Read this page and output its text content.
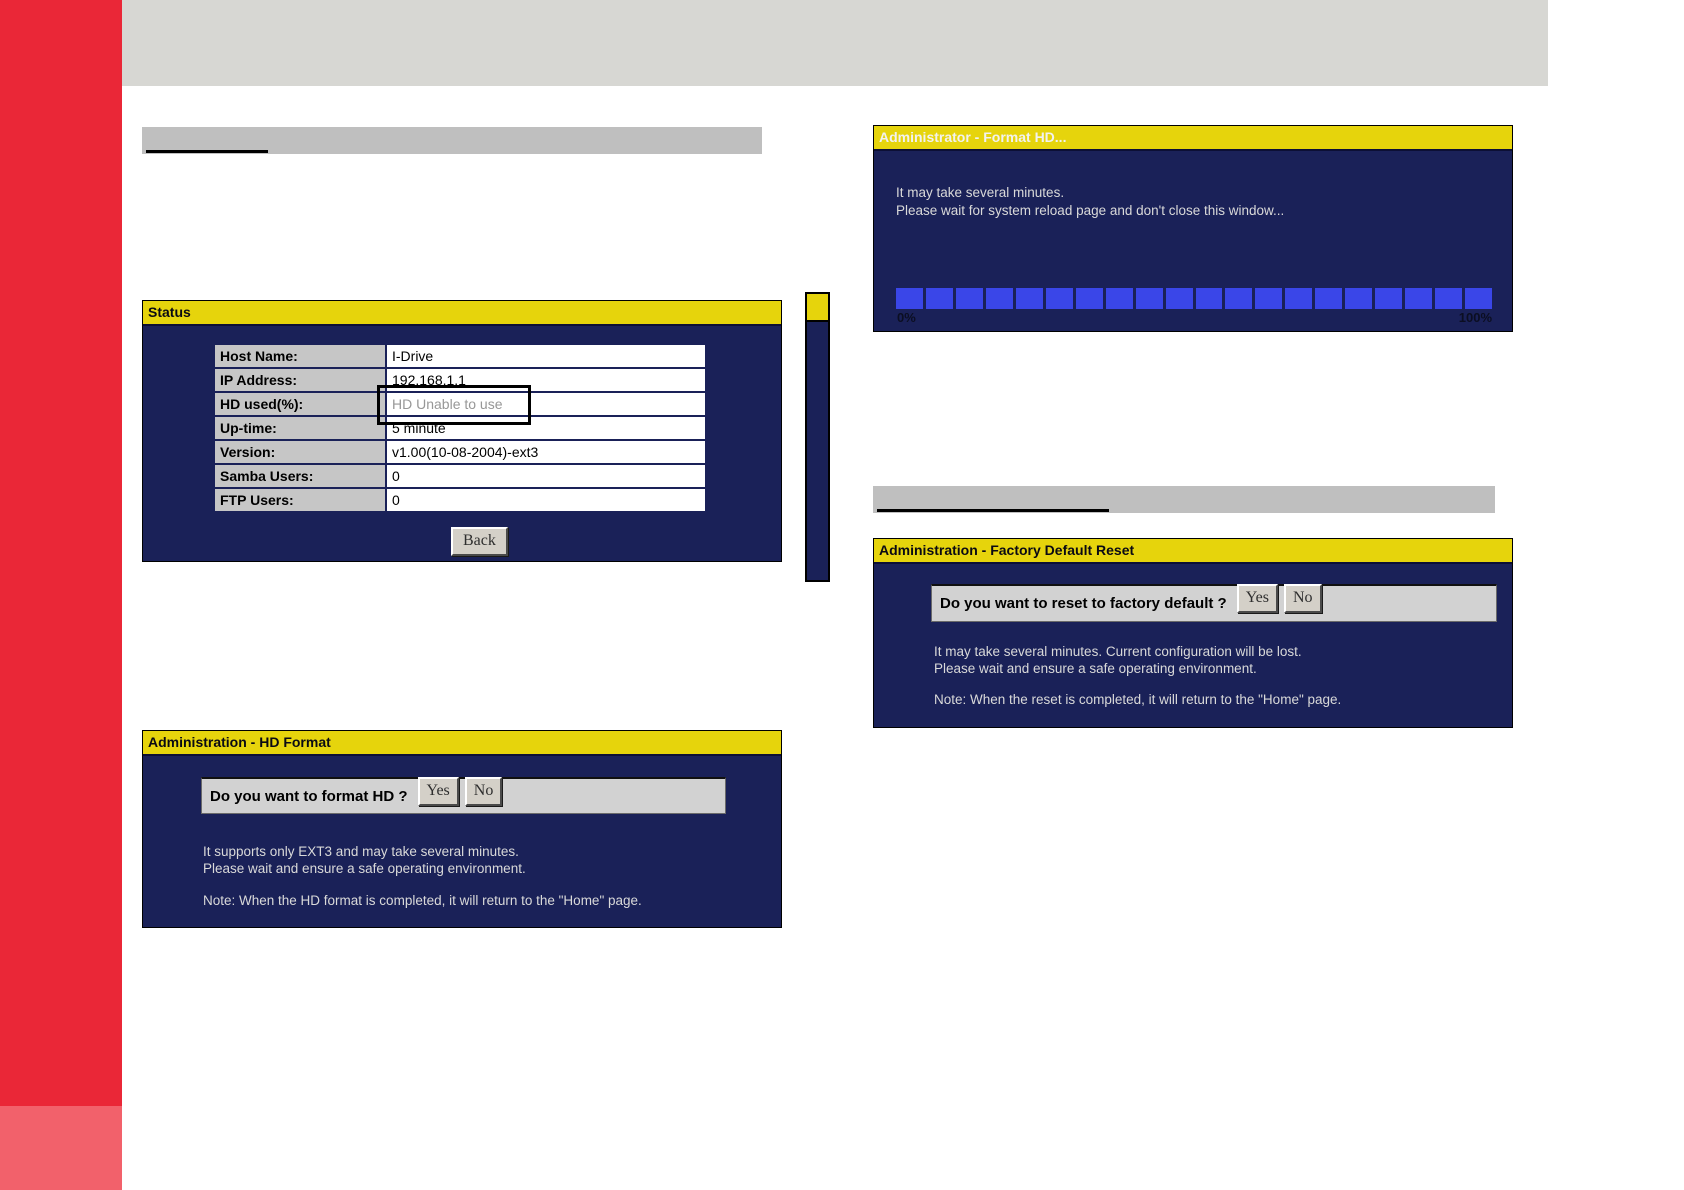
Status
Host Name:	I-Drive
IP Address:	192.168.1.1
HD used(%):	HD Unable to use
Up-time:	5 minute
Version:	v1.00(10-08-2004)-ext3
Samba Users:	0
FTP Users:	0
Back
Administrator - Format HD...
It may take several minutes.
Please wait for system reload page and don't close this window...
0%	100%
Administration - Factory Default Reset
Do you want to reset to factory default ?	Yes	No
It may take several minutes. Current configuration will be lost.
Please wait and ensure a safe operating environment.
Note: When the reset is completed, it will return to the "Home" page.
Administration - HD Format
Do you want to format HD ?	Yes	No
It supports only EXT3 and may take several minutes.
Please wait and ensure a safe operating environment.
Note: When the HD format is completed, it will return to the "Home" page.
